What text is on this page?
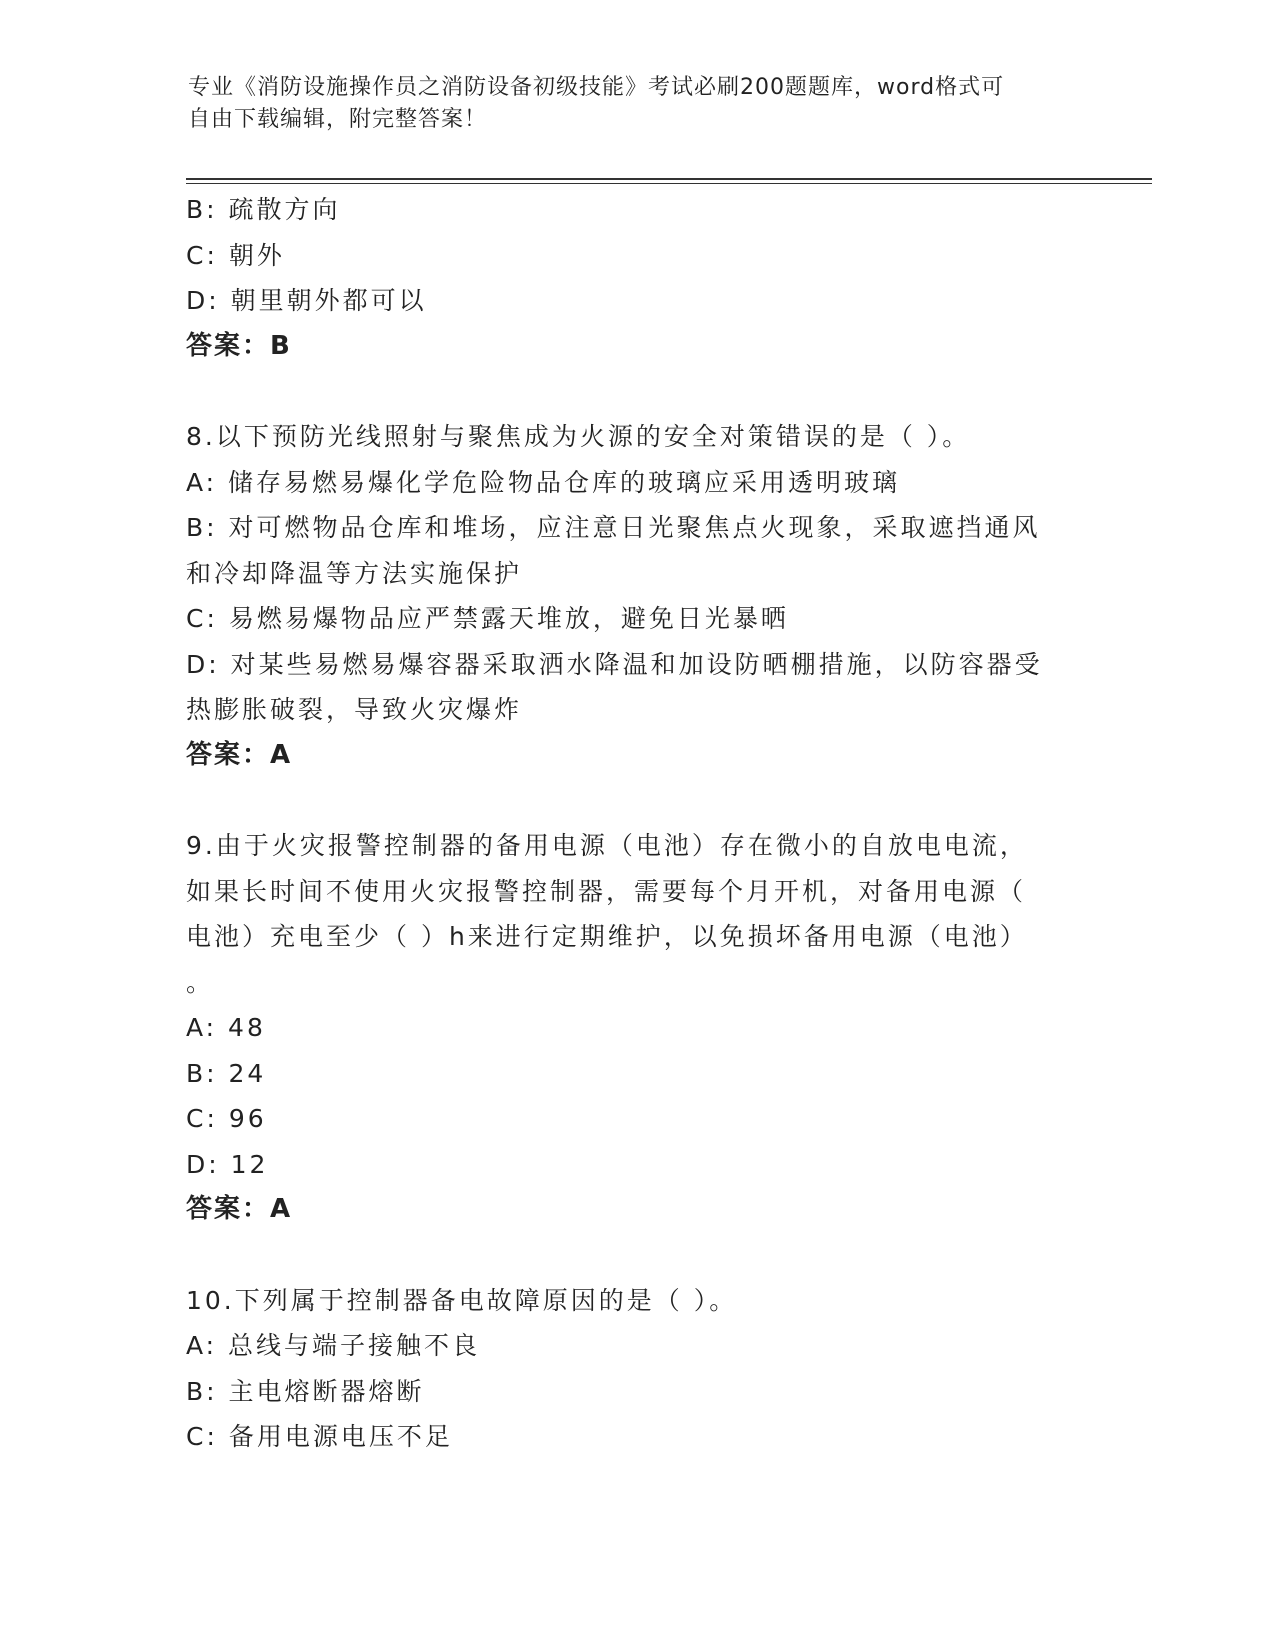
专业《消防设施操作员之消防设备初级技能》考试必刷200题题库，word格式可
自由下载编辑，附完整答案！
B: 疏散方向
C: 朝外
D: 朝里朝外都可以
答案：B
8.以下预防光线照射与聚焦成为火源的安全对策错误的是（ ）。
A: 储存易燃易爆化学危险物品仓库的玻璃应采用透明玻璃
B: 对可燃物品仓库和堆场，应注意日光聚焦点火现象，采取遮挡通风
和冷却降温等方法实施保护
C: 易燃易爆物品应严禁露天堆放，避免日光暴晒
D: 对某些易燃易爆容器采取洒水降温和加设防晒棚措施，以防容器受
热膨胀破裂，导致火灾爆炸
答案：A
9.由于火灾报警控制器的备用电源（电池）存在微小的自放电电流，
如果长时间不使用火灾报警控制器，需要每个月开机，对备用电源（
电池）充电至少（ ）h来进行定期维护，以免损坏备用电源（电池）
。
A: 48
B: 24
C: 96
D: 12
答案：A
10.下列属于控制器备电故障原因的是（ ）。
A: 总线与端子接触不良
B: 主电熔断器熔断
C: 备用电源电压不足
